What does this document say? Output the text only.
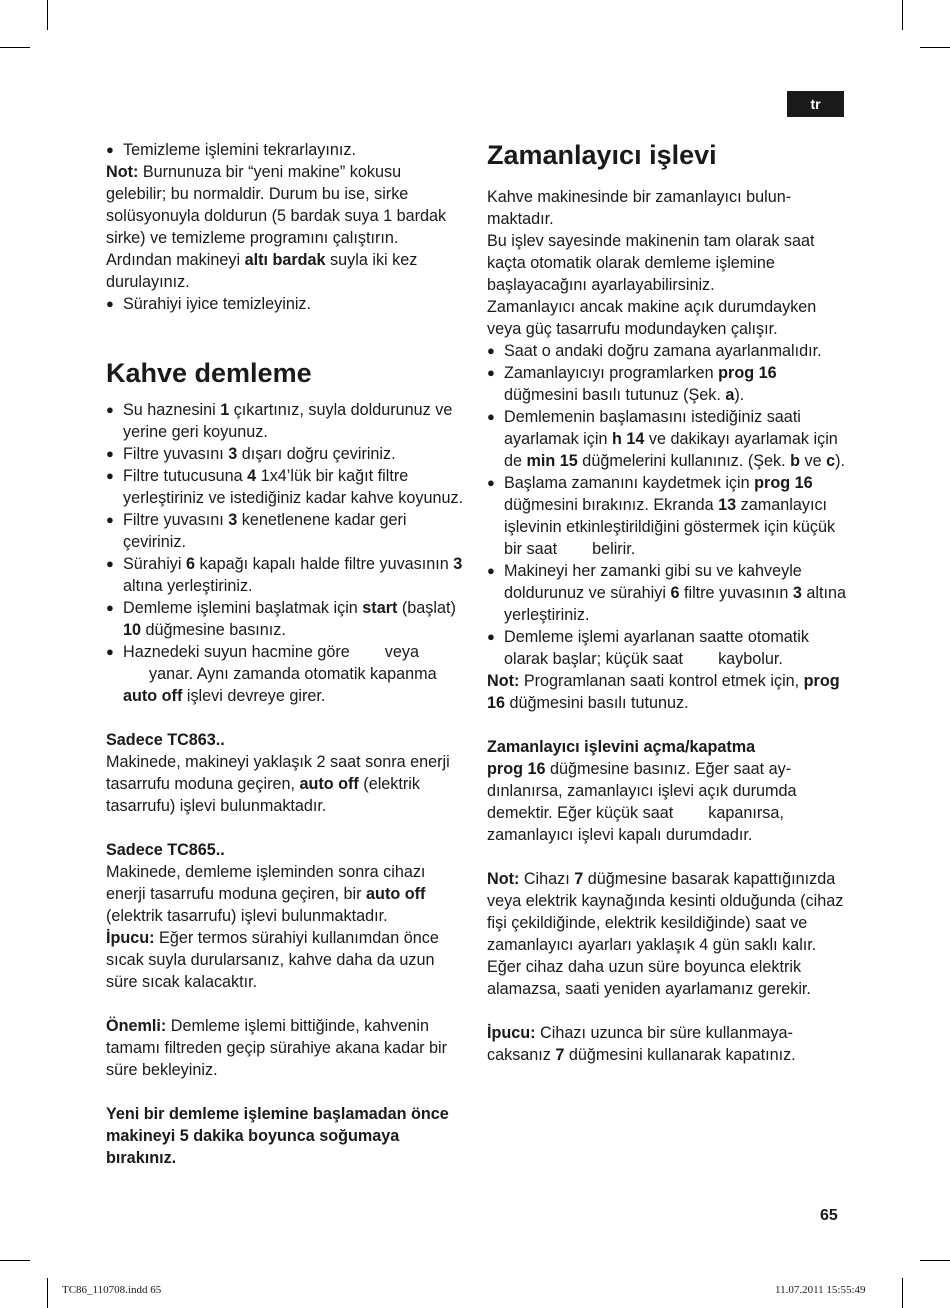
tr
● Temizleme işlemini tekrarlayınız.

Not: Burnunuza bir “yeni makine” kokusu gelebilir; bu normaldir. Durum bu ise, sirke solüsyonuyla doldurun (5 bardak suya 1 bardak sirke) ve temizleme programını çalıştırın. Ardından makineyi altı bardak suyla iki kez durulayınız.

● Sürahiyi iyice temizleyiniz.
Kahve demleme
● Su haznesini 1 çıkartınız, suyla doldurunuz ve yerine geri koyunuz.
● Filtre yuvasını 3 dışarı doğru çeviriniz.
● Filtre tutucusuna 4 1x4’lük bir kağıt filtre yerleştiriniz ve istediğiniz kadar kahve koyunuz.
● Filtre yuvasını 3 kenetlenene kadar geri çeviriniz.
● Sürahiyi 6 kapağı kapalı halde filtre yuvasının 3 altına yerleştiriniz.
● Demleme işlemini başlatmak için start (başlat) 10 düğmesine basınız.
● Haznedeki suyun hacmine göre veya
yanar. Aynı zamanda otomatik kapanma auto off işlevi devreye girer.

Sadece TC863..

Makinede, makineyi yaklaşık 2 saat sonra enerji tasarrufu moduna geçiren, auto off (elektrik tasarrufu) işlevi bulunmaktadır.

Sadece TC865..

Makinede, demleme işleminden sonra cihazı enerji tasarrufu moduna geçiren, bir auto off (elektrik tasarrufu) işlevi bulunmaktadır.

İpucu: Eğer termos sürahiyi kullanımdan önce sıcak suyla durularsanız, kahve daha da uzun süre sıcak kalacaktır.

Önemli: Demleme işlemi bittiğinde, kahvenin tamamı filtreden geçip sürahiye akana kadar bir süre bekleyiniz.

Yeni bir demleme işlemine başlamadan önce makineyi 5 dakika boyunca soğumaya bırakınız.

Zamanlayıcı işlevi

Kahve makinesinde bir zamanlayıcı bulunmaktadır.

Bu işlev sayesinde makinenin tam olarak saat kaçta otomatik olarak demleme işlemine başlayacağını ayarlayabilirsiniz.

Zamanlayıcı ancak makine açık durumdayken veya güç tasarrufu modundayken çalışır.

● Saat o andaki doğru zamana ayarlanmalıdır.
● Zamanlayıcıyı programlarken prog 16 düğmesini basılı tutunuz (Şek. a).
● Demlemenin başlamasını istediğiniz saati ayarlamak için h 14 ve dakikayı ayarlamak için de min 15 düğmelerini kullanınız. (Şek. b ve c).
● Başlama zamanını kaydetmek için prog 16 düğmesini bırakınız. Ekranda 13 zamanlayıcı işlevinin etkinleştirildiğini göstermek için küçük bir saat belirir.
● Makineyi her zamanki gibi su ve kahveyle doldurunuz ve sürahiyi 6 filtre yuvasının 3 altına yerleştiriniz.
● Demleme işlemi ayarlanan saatte otomatik olarak başlar; küçük saat kaybolur.

Not: Programlanan saati kontrol etmek için, prog 16 düğmesini basılı tutunuz.

Zamanlayıcı işlevini açma/kapatma

prog 16 düğmesine basınız. Eğer saat aydınlanırsa, zamanlayıcı işlevi açık durumda demektir. Eğer küçük saat kapanırsa, zamanlayıcı işlevi kapalı durumdadır.

Not: Cihazı 7 düğmesine basarak kapattığınızda veya elektrik kaynağında kesinti olduğunda (cihaz fişi çekildiğinde, elektrik kesildiğinde) saat ve zamanlayıcı ayarları yaklaşık 4 gün saklı kalır. Eğer cihaz daha uzun süre boyunca elektrik alamazsa, saati yeniden ayarlamanız gerekir.

İpucu: Cihazı uzunca bir süre kullanmayacaksanız 7 düğmesini kullanarak kapatınız.

65
TC86_110708.indd 65	11.07.2011 15:55:49
